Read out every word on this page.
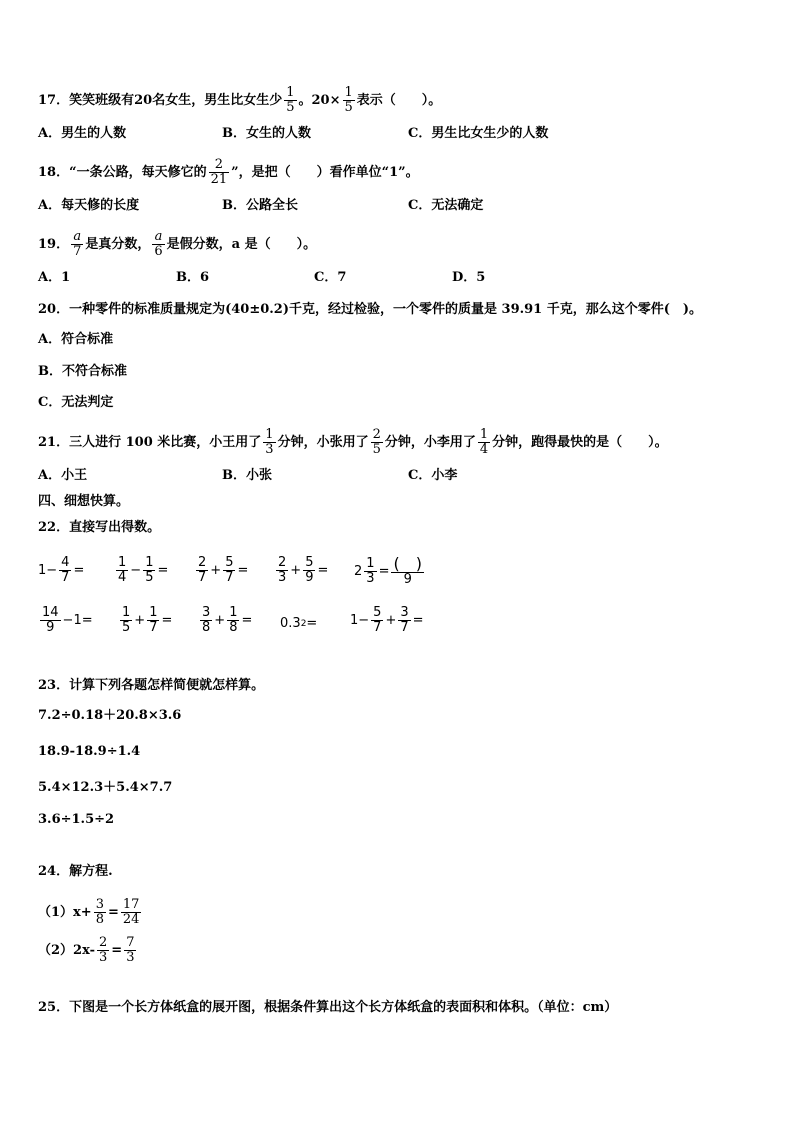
17．笑笑班级有20名女生，男生比女生少 $\frac{1}{5}$ 。$20\times \frac{1}{5}$ 表示（　　）。
A．男生的人数	B．女生的人数	C．男生比女生少的人数
18．“一条公路，每天修它的 $\frac{2}{21}$ ”，是把（　　）看作单位“1”。
A．每天修的长度	B．公路全长	C．无法确定
19． $\frac{a}{7}$ 是真分数， $\frac{a}{6}$ 是假分数，a 是（　　）。
A．1	B．6	C．7	D．5
20．一种零件的标准质量规定为(40±0.2)千克，经过检验，一个零件的质量是 39.91 千克，那么这个零件(　)。
A．符合标准
B．不符合标准
C．无法判定
21．三人进行 100 米比赛，小王用了 $\frac{1}{3}$ 分钟，小张用了 $\frac{2}{5}$ 分钟，小李用了 $\frac{1}{4}$ 分钟，跑得最快的是（　　）。
A．小王	B．小张	C．小李
四、细想快算。
22．直接写出得数。
$1- \frac{4}{7} = \frac{1}{4} - \frac{1}{5} = \frac{2}{7} + \frac{5}{7} = \frac{2}{3} + \frac{5}{9} = 2 \frac{1}{3} = \frac{( )}{9}$
$\frac{14}{9} -1= \frac{1}{5} + \frac{1}{7} = \frac{3}{8} + \frac{1}{8} = 0.3$ 2 =	$1- \frac{5}{7} + \frac{3}{7}$ =
23．计算下列各题怎样简便就怎样算。
7.2÷0.18＋20.8×3.6
18.9-18.9÷1.4
5.4×12.3＋5.4×7.7
3.6÷1.5÷2
24．解方程.
$(1)x+ \frac{3}{8} = \frac{17}{24}$
$(2)2x- \frac{2}{3} = \frac{7}{3}$
25．下图是一个长方体纸盒的展开图，根据条件算出这个长方体纸盒的表面积和体积。（单位：cm）
